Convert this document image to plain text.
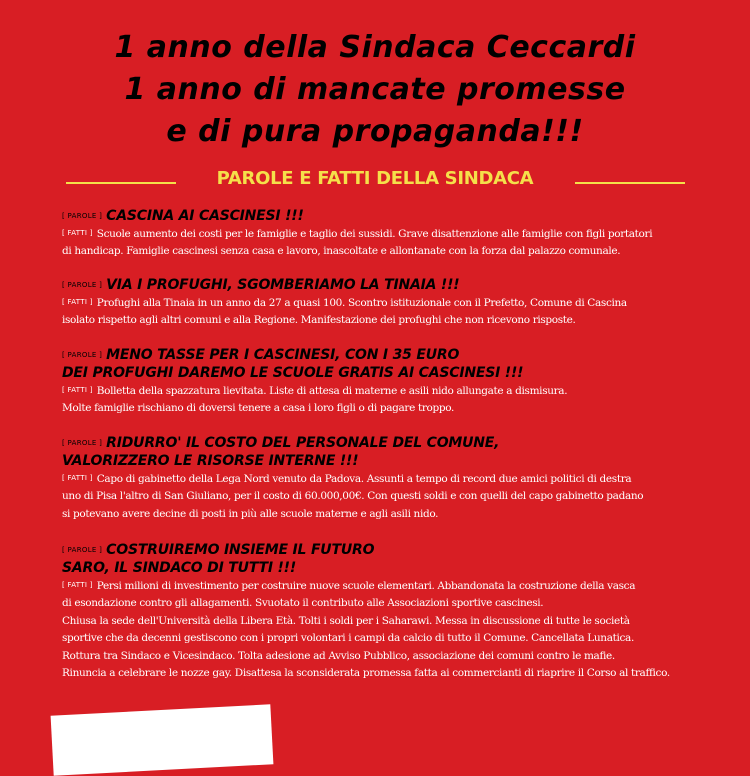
1 anno della Sindaca Ceccardi
1 anno di mancate promesse
e di pura propaganda!!!
PAROLE E FATTI DELLA SINDACA
[ PAROLE ] CASCINA AI CASCINESI !!!
[ FATTI ] Scuole aumento dei costi per le famiglie e taglio dei sussidi. Grave disattenzione alle famiglie con figli portatori
di handicap. Famiglie cascinesi senza casa e lavoro, inascoltate e allontanate con la forza dal palazzo comunale.
[ PAROLE ] VIA I PROFUGHI, SGOMBERIAMO LA TINAIA !!!
[ FATTI ] Profughi alla Tinaia in un anno da 27 a quasi 100. Scontro istituzionale con il Prefetto, Comune di Cascina
isolato rispetto agli altri comuni e alla Regione. Manifestazione dei profughi che non ricevono risposte.
[ PAROLE ] MENO TASSE PER I CASCINESI, CON I 35 EURO
DEI PROFUGHI DAREMO LE SCUOLE GRATIS AI CASCINESI !!!
[ FATTI ] Bolletta della spazzatura lievitata. Liste di attesa di materne e asili nido allungate a dismisura.
Molte famiglie rischiano di doversi tenere a casa i loro figli o di pagare troppo.
[ PAROLE ] RIDURRO' IL COSTO DEL PERSONALE DEL COMUNE,
VALORIZZERO LE RISORSE INTERNE !!!
[ FATTI ] Capo di gabinetto della Lega Nord venuto da Padova. Assunti a tempo di record due amici politici di destra
uno di Pisa l'altro di San Giuliano, per il costo di 60.000,00€. Con questi soldi e con quelli del capo gabinetto padano
si potevano avere decine di posti in più alle scuole materne e agli asili nido.
[ PAROLE ] COSTRUIREMO INSIEME IL FUTURO
SARO, IL SINDACO DI TUTTI !!!
[ FATTI ] Persi milioni di investimento per costruire nuove scuole elementari. Abbandonata la costruzione della vasca
di esondazione contro gli allagamenti. Svuotato il contributo alle Associazioni sportive cascinesi.
Chiusa la sede dell'Università della Libera Età. Tolti i soldi per i Saharawi. Messa in discussione di tutte le società
sportive che da decenni gestiscono con i propri volontari i campi da calcio di tutto il Comune. Cancellata Lunatica.
Rottura tra Sindaco e Vicesindaco. Tolta adesione ad Avviso Pubblico, associazione dei comuni contro le mafie.
Rinuncia a celebrare le nozze gay. Disattesa la sconsiderata promessa fatta ai commercianti di riaprire il Corso al traffico.
